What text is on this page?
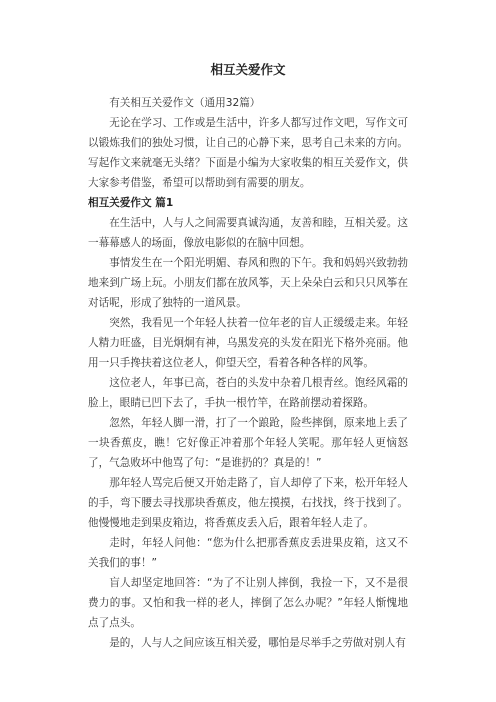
相互关爱作文

有关相互关爱作文（通用32篇）

无论在学习、工作或是生活中，许多人都写过作文吧，写作文可以锻炼我们的独处习惯，让自己的心静下来，思考自己未来的方向。写起作文来就毫无头绪？下面是小编为大家收集的相互关爱作文，供大家参考借鉴，希望可以帮助到有需要的朋友。

相互关爱作文 篇1

在生活中，人与人之间需要真诚沟通，友善和睦，互相关爱。这一幕幕感人的场面，像放电影似的在脑中回想。

事情发生在一个阳光明媚、春风和煦的下午。我和妈妈兴致勃勃地来到广场上玩。小朋友们都在放风筝，天上朵朵白云和只只风筝在对话呢，形成了独特的一道风景。

突然，我看见一个年轻人扶着一位年老的盲人正缓缓走来。年轻人精力旺盛，目光炯炯有神，乌黑发亮的头发在阳光下格外亮丽。他用一只手搀扶着这位老人，仰望天空，看着各种各样的风筝。

这位老人，年事已高，苍白的头发中杂着几根青丝。饱经风霜的脸上，眼睛已凹下去了，手执一根竹竿，在路前摆动着探路。

忽然，年轻人脚一滑，打了一个踉跄，险些摔倒，原来地上丢了一块香蕉皮，瞧！它好像正冲着那个年轻人笑呢。那年轻人更恼怒了，气急败坏中他骂了句：“是谁扔的？真是的！”

那年轻人骂完后便又开始走路了，盲人却停了下来，松开年轻人的手，弯下腰去寻找那块香蕉皮，他左摸摸，右找找，终于找到了。他慢慢地走到果皮箱边，将香蕉皮丢入后，跟着年轻人走了。

走时，年轻人问他：“您为什么把那香蕉皮丢进果皮箱，这又不关我们的事！”

盲人却坚定地回答：“为了不让别人摔倒，我捡一下，又不是很费力的事。又怕和我一样的老人，摔倒了怎么办呢？”年轻人惭愧地点了点头。

是的，人与人之间应该互相关爱，哪怕是尽举手之劳做对别人有
